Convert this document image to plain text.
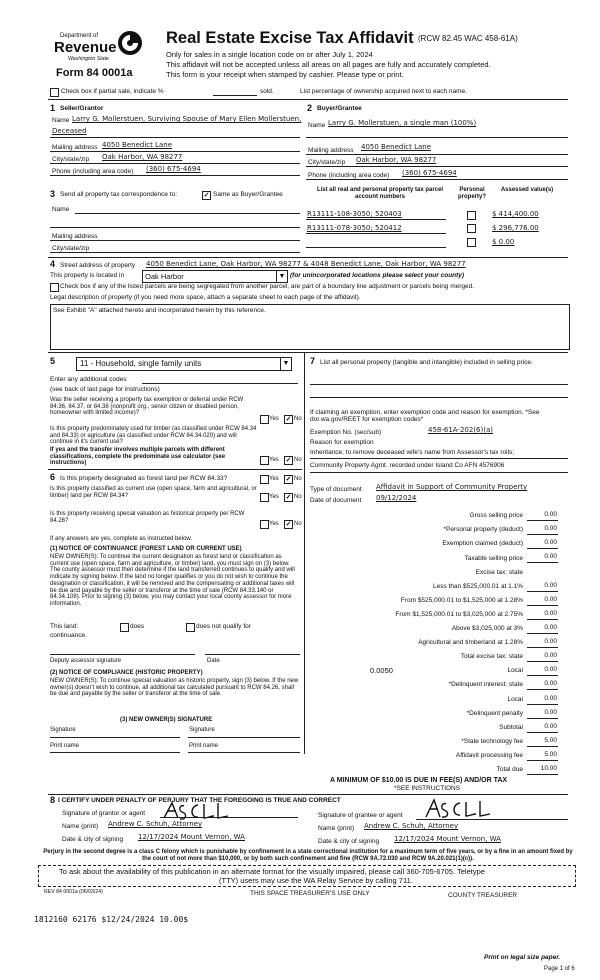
Department of
Revenue
Washington State
Form 84 0001a
Real Estate Excise Tax Affidavit (RCW 82.45 WAC 458-61A)
Only for sales in a single location code on or after July 1, 2024
This affidavit will not be accepted unless all areas on all pages are fully and accurately completed.
This form is your receipt when stamped by cashier. Please type or print.
Check box if partial sale, indicate %	sold.	List percentage of ownership acquired next to each name.
1 Seller/Grantor
Name Larry G. Mollerstuen, Surviving Spouse of Mary Ellen Mollerstuen,
Deceased
Mailing address 4050 Benedict Lane
City/state/zip Oak Harbor, WA 98277
Phone (including area code) (360) 675-4694
2 Buyer/Grantee
Name Larry G. Mollerstuen, a single man (100%)
Mailing address 4050 Benedict Lane
City/state/zip Oak Harbor, WA 98277
Phone (including area code) (360) 675-4694
3 Send all property tax correspondence to:	✓ Same as Buyer/Grantee
Name
Mailing address
City/state/zip
List all real and personal property tax parcel account numbers
Personal property?
Assessed value(s)
R13111-108-3050; 520403	$ 414,400.00
R13111-078-3050; 520412	$ 296,776.00
$ 0.00
4 Street address of property 4050 Benedict Lane, Oak Harbor, WA 98277 & 4048 Benedict Lane, Oak Harbor, WA 98277
This property is located in	Oak Harbor	▼ (for unincorporated locations please select your county)
Check box if any of the listed parcels are being segregated from another parcel, are part of a boundary line adjustment or parcels being merged.
Legal description of property (if you need more space, attach a separate sheet to each page of the affidavit).
See Exhibit "A" attached hereto and incorporated herein by this reference.
5	11 - Household, single family units	▼
Enter any additional codes
(see back of last page for instructions)
Was the seller receiving a property tax exemption or deferral under RCW 84.36, 84.37, or 84.38 (nonprofit org., senior citizen or disabled person, homeowner with limited income)?
Yes ✓ No
Is this property predominately used for timber (as classified under RCW 84.34 and 84.33) or agriculture (as classified under RCW 84.34.020) and will continue in it's current use?
If yes and the transfer involves multiple parcels with different classifications, complete the predominate use calculator (see instructions)
Yes ✓ No
6 Is this property designated as forest land per RCW 84.33?	Yes ✓ No
Is this property classified as current use (open space, farm and agricultural, or timber) land per RCW 84.34?	Yes ✓ No
Is this property receiving special valuation as historical property per RCW 84.26?
Yes ✓ No
If any answers are yes, complete as instructed below.
(1) NOTICE OF CONTINUANCE (FOREST LAND OR CURRENT USE)
NEW OWNER(S): To continue the current designation as forest land or classification as current use (open space, farm and agriculture, or timber) land, you must sign on (3) below. The county assessor must then determine if the land transferred continues to qualify and will indicate by signing below. If the land no longer qualifies or you do not wish to continue the designation or classification, it will be removed and the compensating or additional taxes will be due and payable by the seller or transferor at the time of sale (RCW 84.33.140 or 84.34.108). Prior to signing (3) below, you may contact your local county assessor for more information.
This land:	does	does not qualify for
continuance.
Deputy assessor signature	Date
(2) NOTICE OF COMPLIANCE (HISTORIC PROPERTY)
NEW OWNER(S): To continue special valuation as historic property, sign (3) below. If the new owner(s) doesn't wish to continue, all additional tax calculated pursuant to RCW 84.26, shall be due and payable by the seller or transferor at the time of sale.
(3) NEW OWNER(S) SIGNATURE
Signature	Signature
Print name	Print name
7 List all personal property (tangible and intangible) included in selling price.
If claiming an exemption, enter exemption code and reason for exemption. *See dor.wa.gov/REET for exemption codes*
Exemption No. (sec/sub)	458-61A-202(6)(a)
Reason for exemption
Inheritance; to remove deceased wife's name from Assessor's tax rolls;
Community Property Agmt. recorded under Island Co AFN 4576906
Type of document Affidavit in Support of Community Property
Date of document 09/12/2024
Gross selling price	0.00
*Personal property (deduct)	0.00
Exemption claimed (deduct)	0.00
Taxable selling price	0.00
Excise tax: state
Less than $525,000.01 at 1.1%	0.00
From $525,000.01 to $1,525,000 at 1.28%	0.00
From $1,525,000.01 to $3,025,000 at 2.75%	0.00
Above $3,025,000 at 3%	0.00
Agricultural and timberland at 1.28%	0.00
Total excise tax: state	0.00
0.0050	Local	0.00
*Delinquent interest: state	0.00
Local	0.00
*Delinquent penalty	0.00
Subtotal	0.00
*State technology fee	5.00
Affidavit processing fee	5.00
Total due	10.00
A MINIMUM OF $10.00 IS DUE IN FEE(S) AND/OR TAX
*SEE INSTRUCTIONS
8 I CERTIFY UNDER PENALTY OF PERJURY THAT THE FOREGOING IS TRUE AND CORRECT
Signature of grantor or agent
Name (print) Andrew C. Schuh, Attorney
Date & city of signing 12/17/2024 Mount Vernon, WA
Signature of grantee or agent
Name (print) Andrew C. Schuh, Attorney
Date & city of signing 12/17/2024 Mount Vernon, WA
Perjury in the second degree is a class C felony which is punishable by confinement in a state correctional institution for a maximum term of five years, or by a fine in an amount fixed by the court of not more than $10,000, or by both such confinement and fine (RCW 9A.72.030 and RCW 9A.20.021(1)(c)).
To ask about the availability of this publication in an alternate format for the visually impaired, please call 360-705-6705. Teletype
(TTY) users may use the WA Relay Service by calling 711.
REV 84 0001a (06/03/24)	THIS SPACE TREASURER'S USE ONLY	COUNTY TREASURER
1812160 62176 $12/24/2024 10.00$
Print on legal size paper.
Page 1 of 6
